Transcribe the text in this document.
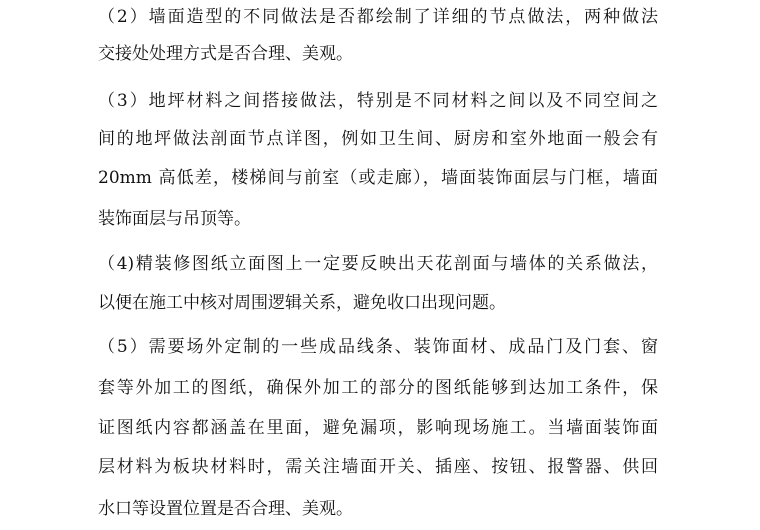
（2）墙面造型的不同做法是否都绘制了详细的节点做法，两种做法
交接处处理方式是否合理、美观。
（3）地坪材料之间搭接做法，特别是不同材料之间以及不同空间之
间的地坪做法剖面节点详图，例如卫生间、厨房和室外地面一般会有
20mm 高低差，楼梯间与前室（或走廊），墙面装饰面层与门框，墙面
装饰面层与吊顶等。
（4)精装修图纸立面图上一定要反映出天花剖面与墙体的关系做法，
以便在施工中核对周围逻辑关系，避免收口出现问题。
（5）需要场外定制的一些成品线条、装饰面材、成品门及门套、窗
套等外加工的图纸，确保外加工的部分的图纸能够到达加工条件，保
证图纸内容都涵盖在里面，避免漏项，影响现场施工。当墙面装饰面
层材料为板块材料时，需关注墙面开关、插座、按钮、报警器、供回
水口等设置位置是否合理、美观。
